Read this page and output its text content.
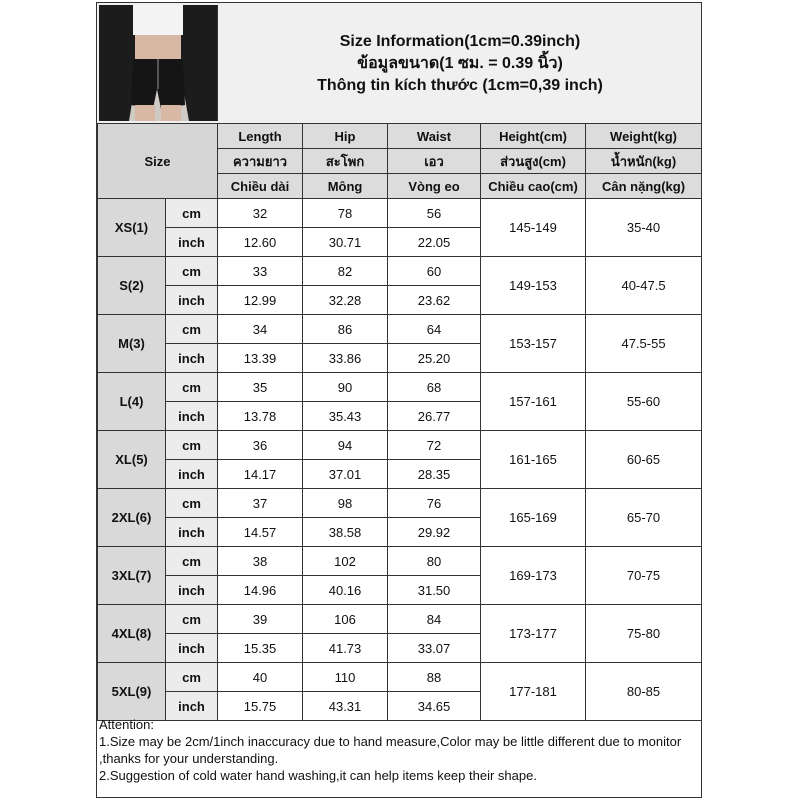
Size Information(1cm=0.39inch)
ข้อมูลขนาด(1 ซม. = 0.39 นิ้ว)
Thông tin kích thước (1cm=0,39 inch)
Size		Length	Hip	Waist	Height(cm)	Weight(kg)
		ความยาว	สะโพก	เอว	ส่วนสูง(cm)	น้ำหนัก(kg)
		Chiều dài	Mông	Vòng eo	Chiều cao(cm)	Cân nặng(kg)
XS(1)	cm	32	78	56	145-149	35-40
	inch	12.60	30.71	22.05		
S(2)	cm	33	82	60	149-153	40-47.5
	inch	12.99	32.28	23.62		
M(3)	cm	34	86	64	153-157	47.5-55
	inch	13.39	33.86	25.20		
L(4)	cm	35	90	68	157-161	55-60
	inch	13.78	35.43	26.77		
XL(5)	cm	36	94	72	161-165	60-65
	inch	14.17	37.01	28.35		
2XL(6)	cm	37	98	76	165-169	65-70
	inch	14.57	38.58	29.92		
3XL(7)	cm	38	102	80	169-173	70-75
	inch	14.96	40.16	31.50		
4XL(8)	cm	39	106	84	173-177	75-80
	inch	15.35	41.73	33.07		
5XL(9)	cm	40	110	88	177-181	80-85
	inch	15.75	43.31	34.65		
Attention:
1.Size may be 2cm/1inch inaccuracy due to hand measure,Color may be little different due to monitor
,thanks for your understanding.
2.Suggestion of cold water hand washing,it can help items keep their shape.
